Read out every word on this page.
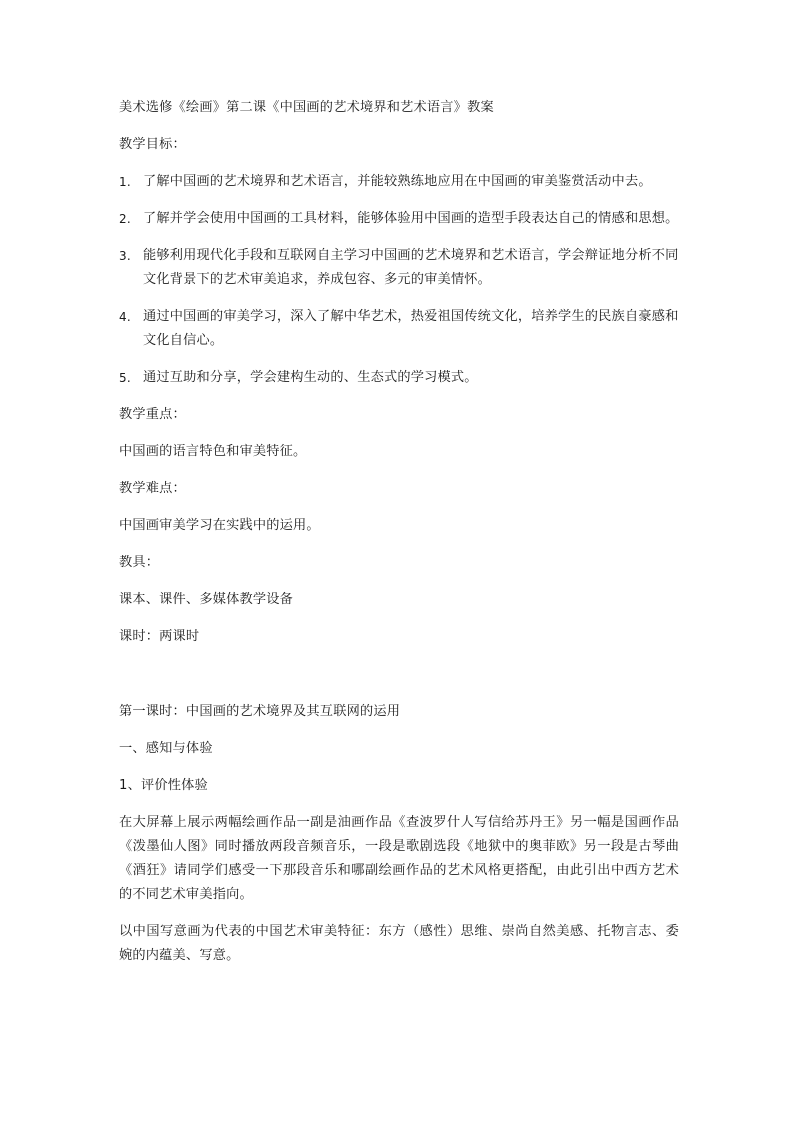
美术选修《绘画》第二课《中国画的艺术境界和艺术语言》教案

教学目标：

1. 了解中国画的艺术境界和艺术语言，并能较熟练地应用在中国画的审美鉴赏活动中去。
2. 了解并学会使用中国画的工具材料，能够体验用中国画的造型手段表达自己的情感和思想。
3. 能够利用现代化手段和互联网自主学习中国画的艺术境界和艺术语言，学会辩证地分析不同文化背景下的艺术审美追求，养成包容、多元的审美情怀。
4. 通过中国画的审美学习，深入了解中华艺术，热爱祖国传统文化，培养学生的民族自豪感和文化自信心。
5. 通过互助和分享，学会建构生动的、生态式的学习模式。

教学重点：

中国画的语言特色和审美特征。

教学难点：

中国画审美学习在实践中的运用。

教具：

课本、课件、多媒体教学设备

课时：两课时

第一课时：中国画的艺术境界及其互联网的运用

一、感知与体验

1、评价性体验

在大屏幕上展示两幅绘画作品一副是油画作品《查波罗什人写信给苏丹王》另一幅是国画作品《泼墨仙人图》同时播放两段音频音乐，一段是歌剧选段《地狱中的奥菲欧》另一段是古琴曲《酒狂》请同学们感受一下那段音乐和哪副绘画作品的艺术风格更搭配，由此引出中西方艺术的不同艺术审美指向。

以中国写意画为代表的中国艺术审美特征：东方（感性）思维、崇尚自然美感、托物言志、委婉的内蕴美、写意。
